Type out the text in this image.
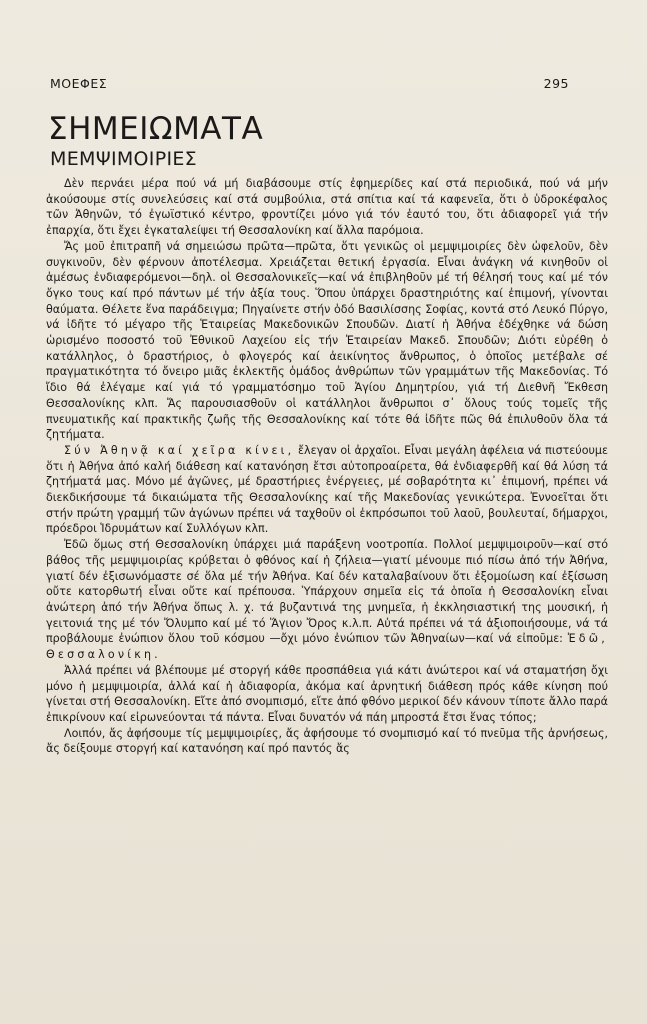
ΜΟΕΦΕΣ	295
ΣΗΜΕΙΩΜΑΤΑ
ΜΕΜΨΙΜΟΙΡΙΕΣ

Δὲν περνάει μέρα πού νά μή διαβάσουμε στίς ἐφημερίδες καί στά περιοδικά, πού νά μήν ἀκούσουμε στίς συνελεύσεις καί στά συμβούλια, στά σπίτια καί τά καφενεῖα, ὅτι ὁ ὑδροκέφαλος τῶν Ἀθηνῶν, τό ἐγωϊστικό κέντρο, φροντίζει μόνο γιά τόν ἑαυτό του, ὅτι ἀδιαφορεῖ γιά τήν ἐπαρχία, ὅτι ἔχει ἐγκαταλείψει τή Θεσσαλονίκη καί ἄλλα παρόμοια.

Ἄς μοῦ ἐπιτραπῆ νά σημειώσω πρῶτα—πρῶτα, ὅτι γενικῶς οἱ μεμψιμοιρίες δὲν ὠφελοῦν, δὲν συγκινοῦν, δὲν φέρνουν ἀποτέλεσμα. Χρειάζεται θετική ἐργασία. Εἶναι ἀνάγκη νά κινηθοῦν οἱ ἀμέσως ἐνδιαφερόμενοι—δηλ. οἱ Θεσσαλονικεῖς—καί νά ἐπιβληθοῦν μέ τή θέλησή τους καί μέ τόν ὄγκο τους καί πρό πάντων μέ τήν ἀξία τους. Ὅπου ὑπάρχει δραστηριότης καί ἐπιμονή, γίνονται θαύματα. Θέλετε ἕνα παράδειγμα; Πηγαίνετε στήν ὁδό Βασιλίσσης Σοφίας, κοντά στό Λευκό Πύργο, νά ἰδῆτε τό μέγαρο τῆς Ἑταιρείας Μακεδονικῶν Σπουδῶν. Διατί ἡ Ἀθήνα ἐδέχθηκε νά δώση ὡρισμένο ποσοστό τοῦ Ἐθνικοῦ Λαχείου εἰς τήν Ἑταιρείαν Μακεδ. Σπουδῶν; Διότι εὑρέθη ὁ κατάλληλος, ὁ δραστήριος, ὁ φλογερός καί ἀεικίνητος ἄνθρωπος, ὁ ὁποῖος μετέβαλε σέ πραγματικότητα τό ὄνειρο μιᾶς ἐκλεκτῆς ὁμάδος ἀνθρώπων τῶν γραμμάτων τῆς Μακεδονίας. Τό ἴδιο θά ἐλέγαμε καί γιά τό γραμματόσημο τοῦ Ἁγίου Δημητρίου, γιά τή Διεθνῆ Ἔκθεση Θεσσαλονίκης κλπ. Ἄς παρουσιασθοῦν οἱ κατάλληλοι ἄνθρωποι σ᾽ ὅλους τούς τομεῖς τῆς πνευματικῆς καί πρακτικῆς ζωῆς τῆς Θεσσαλονίκης καί τότε θά ἰδῆτε πῶς θά ἐπιλυθοῦν ὅλα τά ζητήματα.

Σύν Ἀθηνᾷ καί χεῖρα κίνει, ἔλεγαν οἱ ἀρχαῖοι. Εἶναι μεγάλη ἀφέλεια νά πιστεύουμε ὅτι ἡ Ἀθήνα ἀπό καλή διάθεση καί κατανόηση ἔτσι αὐτοπροαίρετα, θά ἐνδιαφερθῆ καί θά λύση τά ζητήματά μας. Μόνο μέ ἀγῶνες, μέ δραστήριες ἐνέργειες, μέ σοβαρότητα κι᾽ ἐπιμονή, πρέπει νά διεκδικήσουμε τά δικαιώματα τῆς Θεσσαλονίκης καί τῆς Μακεδονίας γενικώτερα. Ἐννοεῖται ὅτι στήν πρώτη γραμμή τῶν ἀγώνων πρέπει νά ταχθοῦν οἱ ἐκπρόσωποι τοῦ λαοῦ, βουλευταί, δήμαρχοι, πρόεδροι Ἱδρυμάτων καί Συλλόγων κλπ.

Ἐδῶ ὅμως στή Θεσσαλονίκη ὑπάρχει μιά παράξενη νοοτροπία. Πολλοί μεμψιμοιροῦν—καί στό βάθος τῆς μεμψιμοιρίας κρύβεται ὁ φθόνος καί ἡ ζήλεια—γιατί μένουμε πιό πίσω ἀπό τήν Ἀθήνα, γιατί δέν ἐξισωνόμαστε σέ ὅλα μέ τήν Ἀθήνα. Καί δέν καταλαβαίνουν ὅτι ἐξομοίωση καί ἐξίσωση οὔτε κατορθωτή εἶναι οὔτε καί πρέπουσα. Ὑπάρχουν σημεῖα εἰς τά ὁποῖα ἡ Θεσσαλονίκη εἶναι ἀνώτερη ἀπό τήν Ἀθήνα ὅπως λ. χ. τά βυζαντινά της μνημεῖα, ἡ ἐκκλησιαστική της μουσική, ἡ γειτονιά της μέ τόν Ὄλυμπο καί μέ τό Ἅγιον Ὄρος κ.λ.π. Αὐτά πρέπει νά τά ἀξιοποιήσουμε, νά τά προβάλουμε ἐνώπιον ὅλου τοῦ κόσμου —ὄχι μόνο ἐνώπιον τῶν Ἀθηναίων—καί νά εἰποῦμε: Ἐδῶ, Θεσσαλονίκη.

Ἀλλά πρέπει νά βλέπουμε μέ στοργή κάθε προσπάθεια γιά κάτι ἀνώτεροι καί νά σταματήση ὄχι μόνο ἡ μεμψιμοιρία, ἀλλά καί ἡ ἀδιαφορία, ἀκόμα καί ἀρνητική διάθεση πρός κάθε κίνηση πού γίνεται στή Θεσσαλονίκη. Εἴτε ἀπό σνομπισμό, εἴτε ἀπό φθόνο μερικοί δέν κάνουν τίποτε ἄλλο παρά ἐπικρίνουν καί εἰρωνεύονται τά πάντα. Εἶναι δυνατόν νά πάη μπροστά ἔτσι ἕνας τόπος;

Λοιπόν, ἄς ἀφήσουμε τίς μεμψιμοιρίες, ἄς ἀφήσουμε τό σνομπισμό καί τό πνεῦμα τῆς ἀρνήσεως, ἄς δείξουμε στοργή καί κατανόηση καί πρό παντός ἄς
